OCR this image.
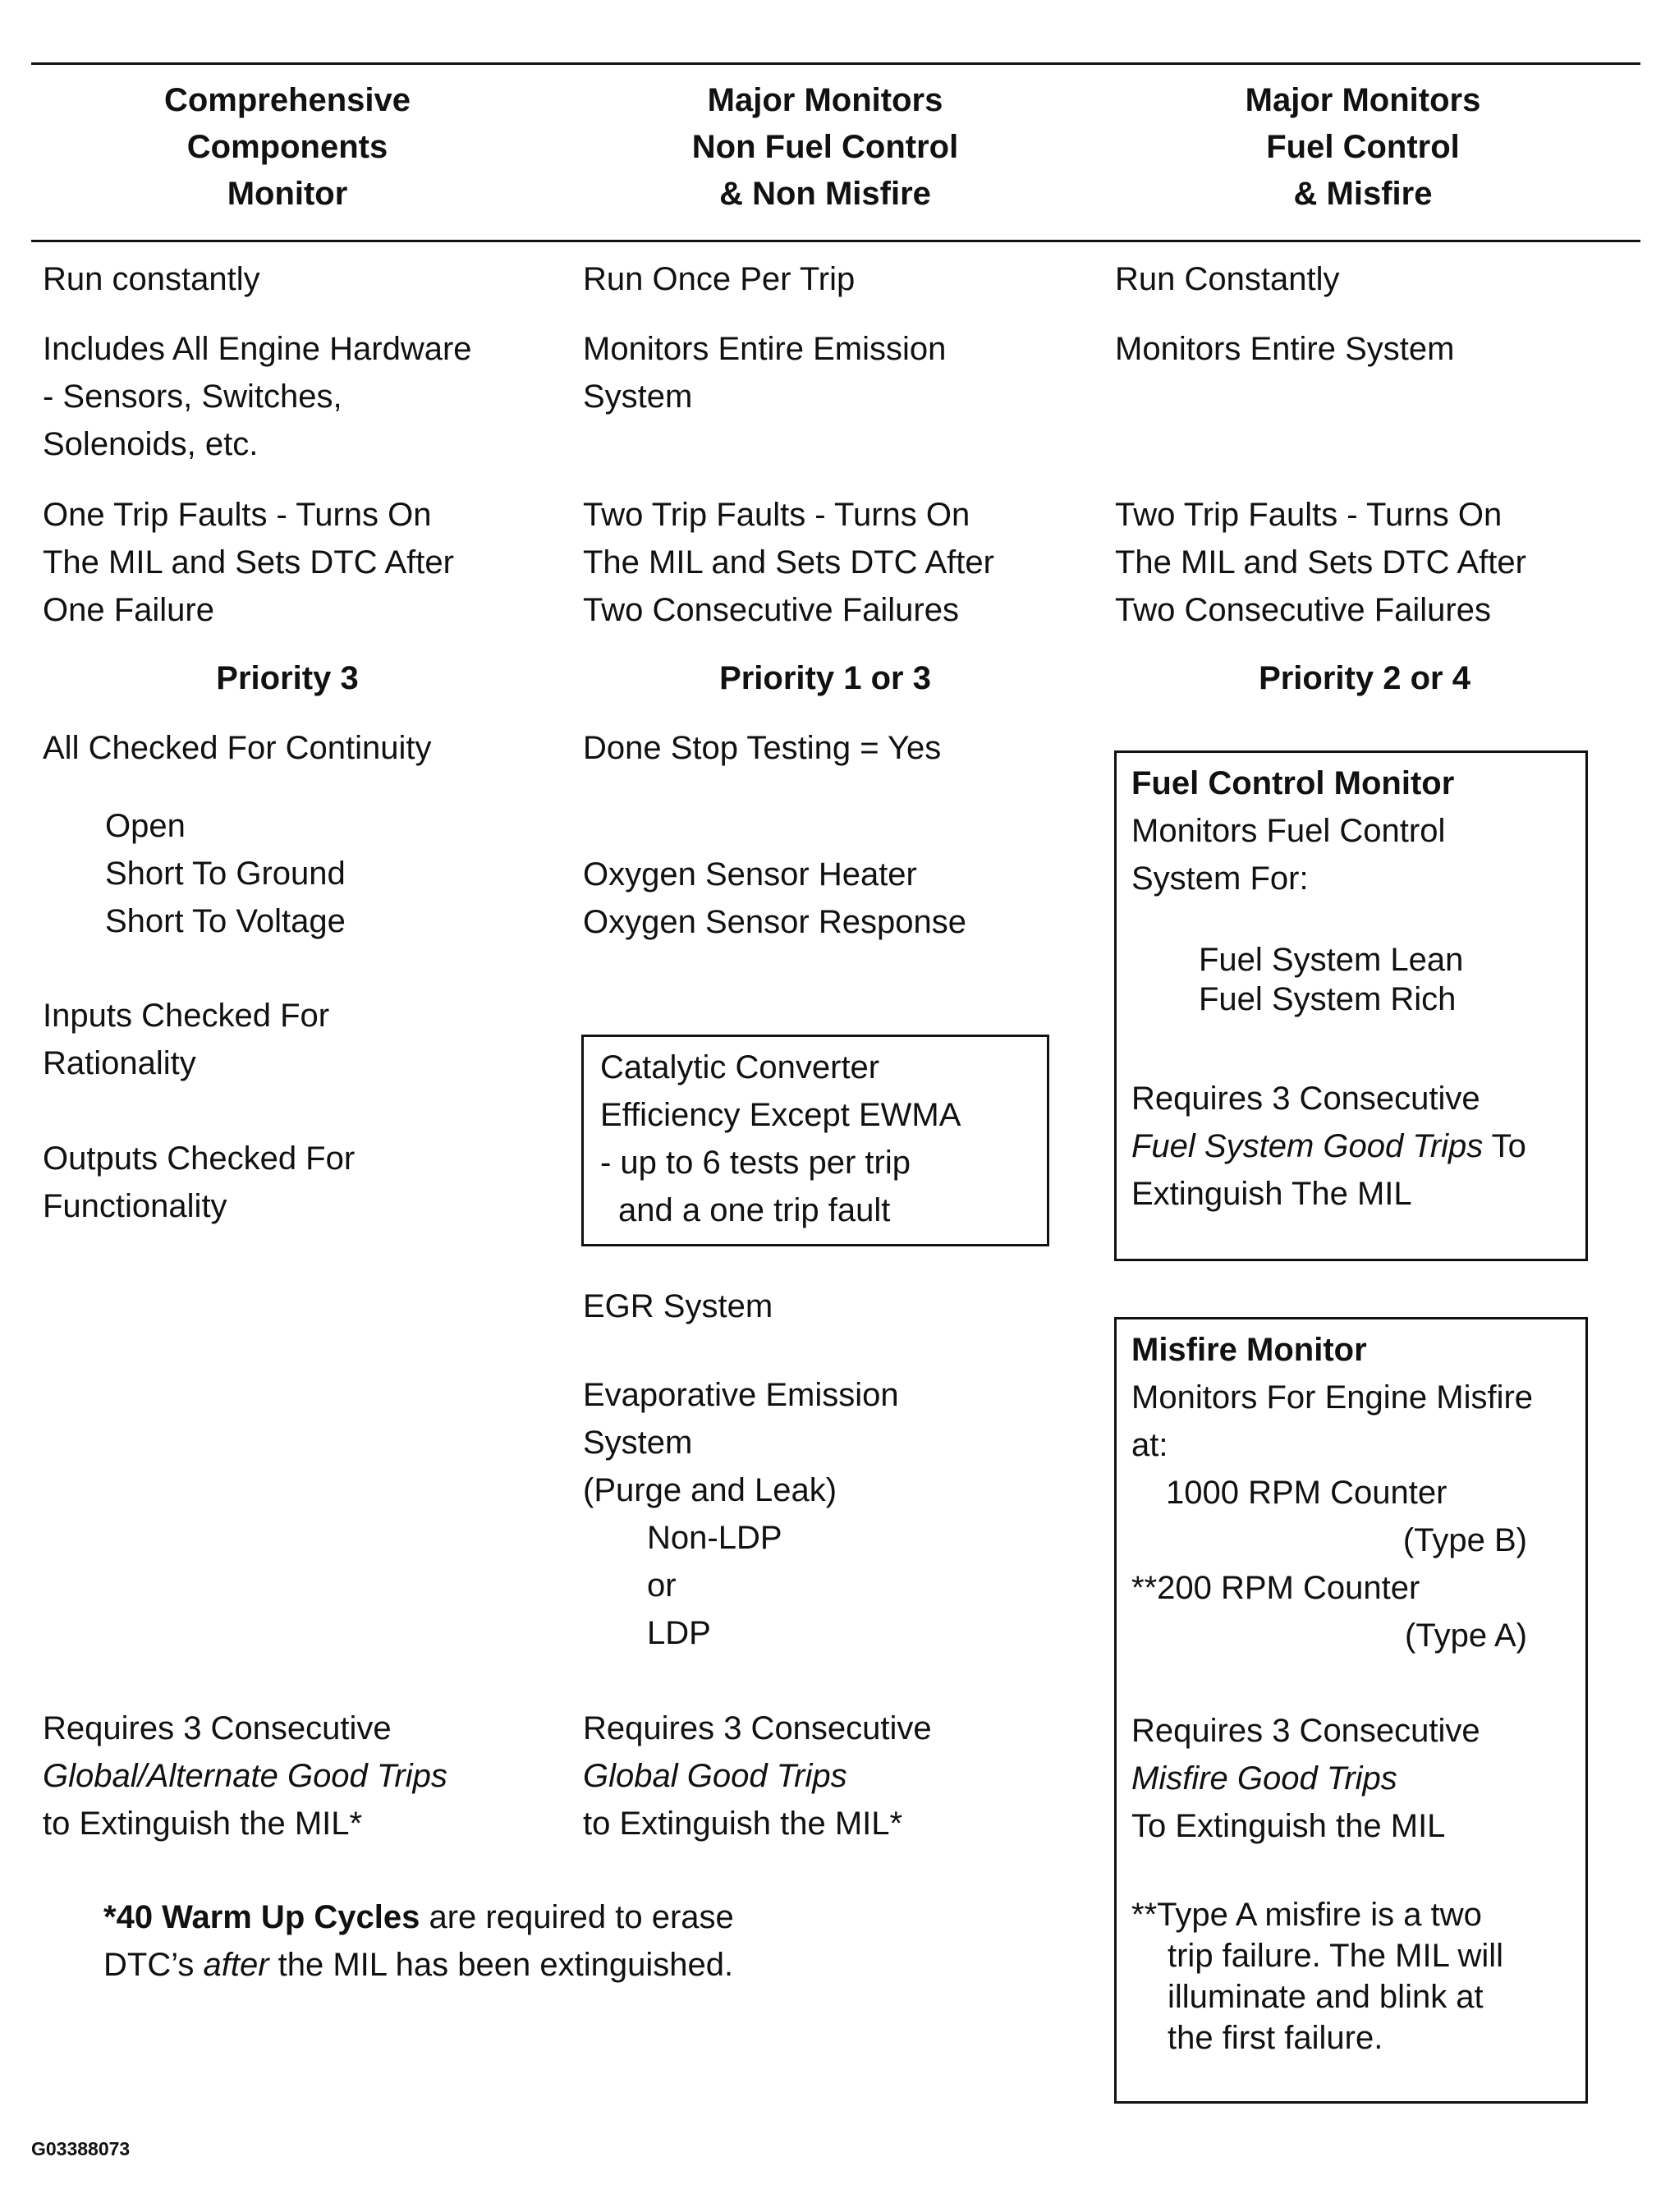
Comprehensive
Components
Monitor
Major Monitors
Non Fuel Control
& Non Misfire
Major Monitors
Fuel Control
& Misfire
Run constantly
Includes All Engine Hardware
- Sensors, Switches,
Solenoids, etc.
One Trip Faults - Turns On
The MIL and Sets DTC After
One Failure
Priority 3
All Checked For Continuity
Open
Short To Ground
Short To Voltage
Inputs Checked For
Rationality
Outputs Checked For
Functionality
Requires 3 Consecutive
Global/Alternate Good Trips
to Extinguish the MIL*
Run Once Per Trip
Monitors Entire Emission
System
Two Trip Faults - Turns On
The MIL and Sets DTC After
Two Consecutive Failures
Priority 1 or 3
Done Stop Testing = Yes
Oxygen Sensor Heater
Oxygen Sensor Response
Catalytic Converter
Efficiency Except EWMA
- up to 6 tests per trip
and a one trip fault
EGR System
Evaporative Emission
System
(Purge and Leak)
Non-LDP
or
LDP
Requires 3 Consecutive
Global Good Trips
to Extinguish the MIL*
Run Constantly
Monitors Entire System
Two Trip Faults - Turns On
The MIL and Sets DTC After
Two Consecutive Failures
Priority 2 or 4
Fuel Control Monitor
Monitors Fuel Control
System For:
Fuel System Lean
Fuel System Rich
Requires 3 Consecutive
Fuel System Good Trips To
Extinguish The MIL
Misfire Monitor
Monitors For Engine Misfire
at:
1000 RPM Counter
(Type B)
**200 RPM Counter
(Type A)
Requires 3 Consecutive
Misfire Good Trips
To Extinguish the MIL
**Type A misfire is a two
trip failure. The MIL will
illuminate and blink at
the first failure.
*40 Warm Up Cycles are required to erase
DTC’s after the MIL has been extinguished.
G03388073
